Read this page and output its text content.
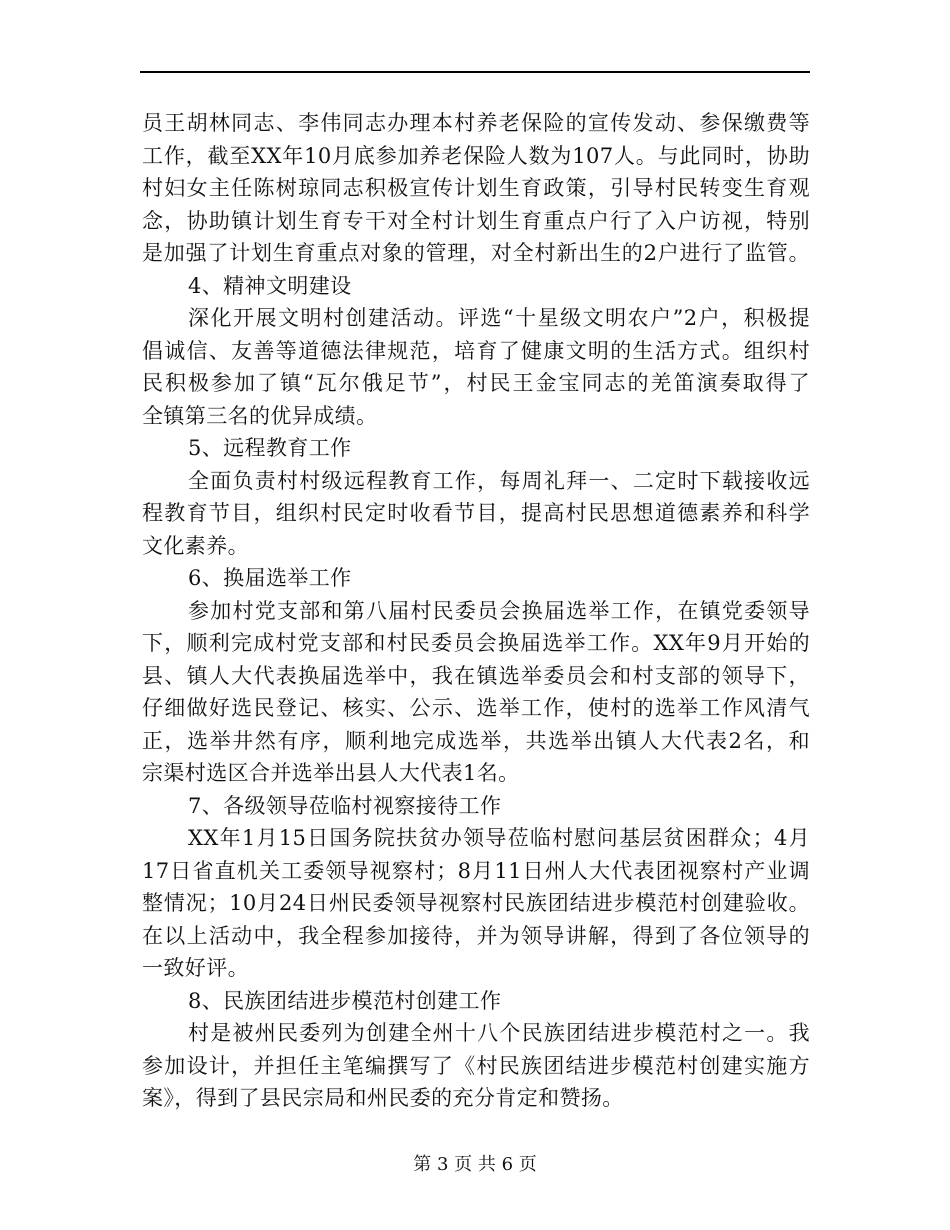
员王胡林同志、李伟同志办理本村养老保险的宣传发动、参保缴费等
工作，截至XX年10月底参加养老保险人数为107人。与此同时，协助
村妇女主任陈树琼同志积极宣传计划生育政策，引导村民转变生育观
念，协助镇计划生育专干对全村计划生育重点户行了入户访视，特别
是加强了计划生育重点对象的管理，对全村新出生的2户进行了监管。
4、精神文明建设
深化开展文明村创建活动。评选“十星级文明农户”2户，积极提
倡诚信、友善等道德法律规范，培育了健康文明的生活方式。组织村
民积极参加了镇“瓦尔俄足节”，村民王金宝同志的羌笛演奏取得了
全镇第三名的优异成绩。
5、远程教育工作
全面负责村村级远程教育工作，每周礼拜一、二定时下载接收远
程教育节目，组织村民定时收看节目，提高村民思想道德素养和科学
文化素养。
6、换届选举工作
参加村党支部和第八届村民委员会换届选举工作，在镇党委领导
下，顺利完成村党支部和村民委员会换届选举工作。XX年9月开始的
县、镇人大代表换届选举中，我在镇选举委员会和村支部的领导下，
仔细做好选民登记、核实、公示、选举工作，使村的选举工作风清气
正，选举井然有序，顺利地完成选举，共选举出镇人大代表2名，和
宗渠村选区合并选举出县人大代表1名。
7、各级领导莅临村视察接待工作
XX年1月15日国务院扶贫办领导莅临村慰问基层贫困群众；4月
17日省直机关工委领导视察村；8月11日州人大代表团视察村产业调
整情况；10月24日州民委领导视察村民族团结进步模范村创建验收。
在以上活动中，我全程参加接待，并为领导讲解，得到了各位领导的
一致好评。
8、民族团结进步模范村创建工作
村是被州民委列为创建全州十八个民族团结进步模范村之一。我
参加设计，并担任主笔编撰写了《村民族团结进步模范村创建实施方
案》，得到了县民宗局和州民委的充分肯定和赞扬。
第 3 页 共 6 页
